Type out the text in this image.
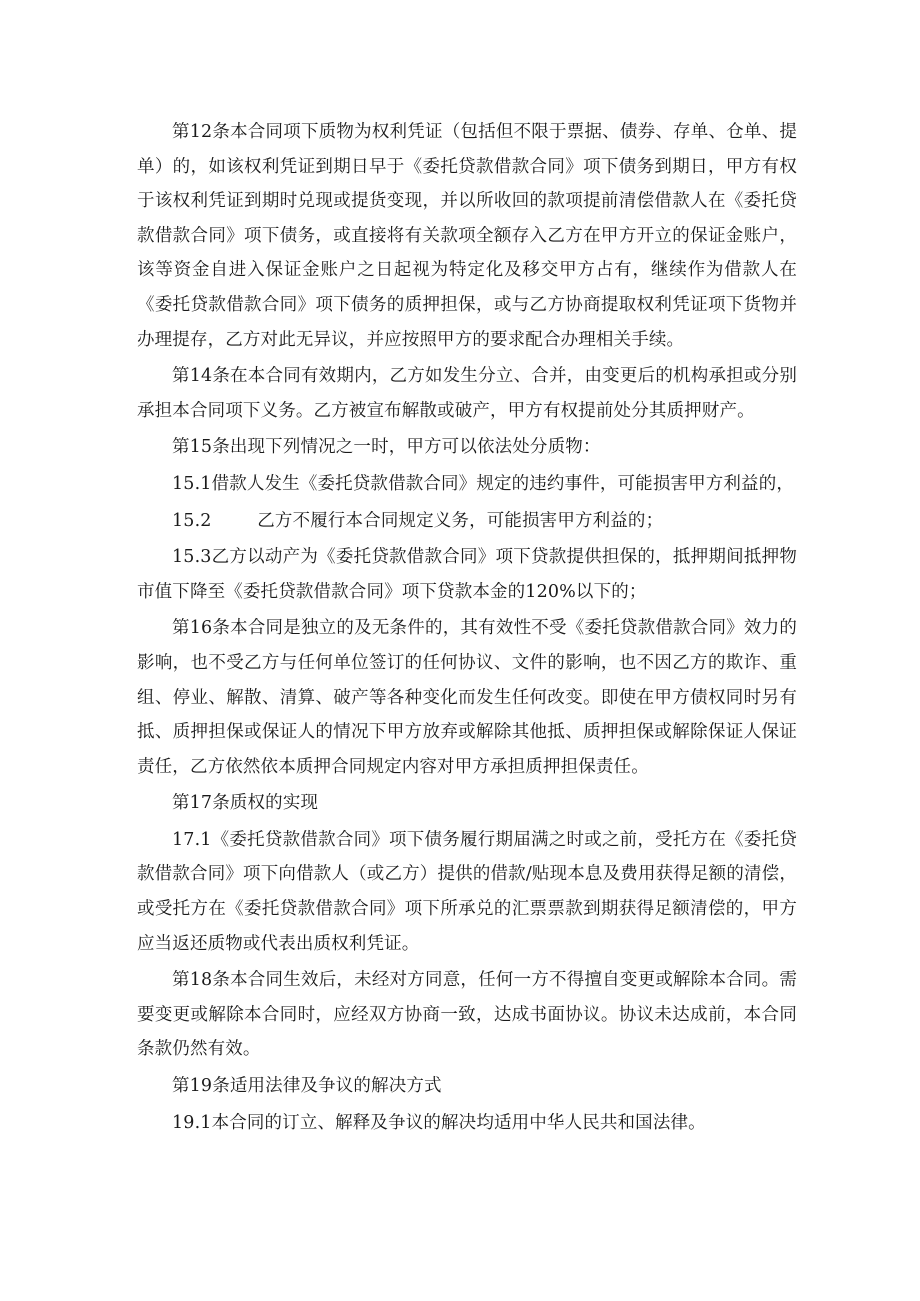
第12条本合同项下质物为权利凭证（包括但不限于票据、债券、存单、仓单、提单）的，如该权利凭证到期日早于《委托贷款借款合同》项下债务到期日，甲方有权于该权利凭证到期时兑现或提货变现，并以所收回的款项提前清偿借款人在《委托贷款借款合同》项下债务，或直接将有关款项全额存入乙方在甲方开立的保证金账户，该等资金自进入保证金账户之日起视为特定化及移交甲方占有，继续作为借款人在《委托贷款借款合同》项下债务的质押担保，或与乙方协商提取权利凭证项下货物并办理提存，乙方对此无异议，并应按照甲方的要求配合办理相关手续。

第14条在本合同有效期内，乙方如发生分立、合并，由变更后的机构承担或分别承担本合同项下义务。乙方被宣布解散或破产，甲方有权提前处分其质押财产。

第15条出现下列情况之一时，甲方可以依法处分质物：

15.1借款人发生《委托贷款借款合同》规定的违约事件，可能损害甲方利益的，

15.2        乙方不履行本合同规定义务，可能损害甲方利益的；

15.3乙方以动产为《委托贷款借款合同》项下贷款提供担保的，抵押期间抵押物市值下降至《委托贷款借款合同》项下贷款本金的120%以下的；

第16条本合同是独立的及无条件的，其有效性不受《委托贷款借款合同》效力的影响，也不受乙方与任何单位签订的任何协议、文件的影响，也不因乙方的欺诈、重组、停业、解散、清算、破产等各种变化而发生任何改变。即使在甲方债权同时另有抵、质押担保或保证人的情况下甲方放弃或解除其他抵、质押担保或解除保证人保证责任，乙方依然依本质押合同规定内容对甲方承担质押担保责任。

第17条质权的实现

17.1《委托贷款借款合同》项下债务履行期届满之时或之前，受托方在《委托贷款借款合同》项下向借款人（或乙方）提供的借款/贴现本息及费用获得足额的清偿，或受托方在《委托贷款借款合同》项下所承兑的汇票票款到期获得足额清偿的，甲方应当返还质物或代表出质权利凭证。

第18条本合同生效后，未经对方同意，任何一方不得擅自变更或解除本合同。需要变更或解除本合同时，应经双方协商一致，达成书面协议。协议未达成前，本合同条款仍然有效。

第19条适用法律及争议的解决方式

19.1本合同的订立、解释及争议的解决均适用中华人民共和国法律。
